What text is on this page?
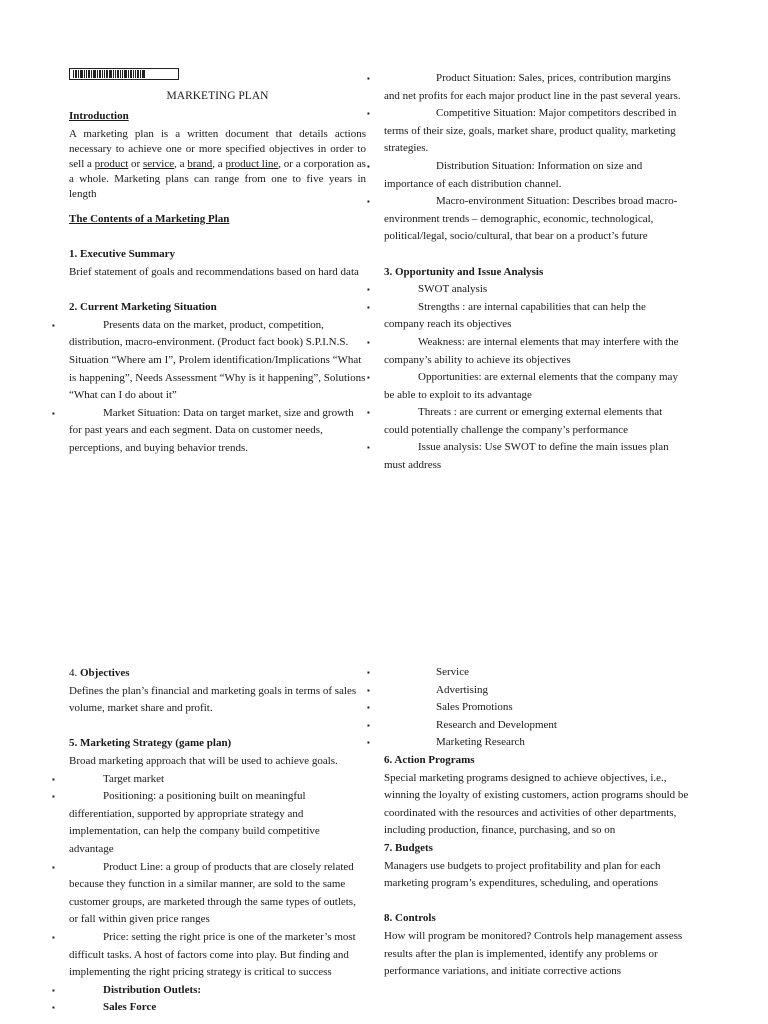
MARKETING PLAN
Introduction

A marketing plan is a written document that details actions necessary to achieve one or more specified objectives in order to sell a product or service, a brand, a product line, or a corporation as a whole. Marketing plans can range from one to five years in length

The Contents of a Marketing Plan
1. Executive Summary

Brief statement of goals and recommendations based on hard data

2. Current Marketing Situation
▪	Presents data on the market, product, competition, distribution, macro-environment. (Product fact book) S.P.I.N.S. Situation “Where am I”, Prolem identification/Implications “What is happening”, Needs Assessment “Why is it happening”, Solutions “What can I do about it”
▪	Market Situation: Data on target market, size and growth for past years and each segment. Data on customer needs, perceptions, and buying behavior trends.
▪	Product Situation: Sales, prices, contribution margins and net profits for each major product line in the past several years.
▪	Competitive Situation: Major competitors described in terms of their size, goals, market share, product quality, marketing strategies.
▪	Distribution Situation: Information on size and importance of each distribution channel.
▪	Macro-environment Situation: Describes broad macro-environment trends – demographic, economic, technological, political/legal, socio/cultural, that bear on a product’s future
3. Opportunity and Issue Analysis
▪	SWOT analysis
▪	Strengths : are internal capabilities that can help the company reach its objectives
▪	Weakness: are internal elements that may interfere with the company’s ability to achieve its objectives
▪	Opportunities: are external elements that the company may be able to exploit to its advantage
▪	Threats : are current or emerging external elements that could potentially challenge the company’s performance
▪	Issue analysis: Use SWOT to define the main issues plan must address
4. Objectives

Defines the plan’s financial and marketing goals in terms of sales volume, market share and profit.

5. Marketing Strategy (game plan)

Broad marketing approach that will be used to achieve goals.

▪	Target market
▪	Positioning: a positioning built on meaningful differentiation, supported by appropriate strategy and implementation, can help the company build competitive advantage
▪	Product Line: a group of products that are closely related because they function in a similar manner, are sold to the same customer groups, are marketed through the same types of outlets, or fall within given price ranges
▪	Price: setting the right price is one of the marketer’s most difficult tasks. A host of factors come into play. But finding and implementing the right pricing strategy is critical to success
▪	Distribution Outlets:
▪	Sales Force
▪	Service
▪	Advertising
▪	Sales Promotions
▪	Research and Development
▪	Marketing Research
6. Action Programs

Special marketing programs designed to achieve objectives, i.e., winning the loyalty of existing customers, action programs should be coordinated with the resources and activities of other departments, including production, finance, purchasing, and so on

7. Budgets

Managers use budgets to project profitability and plan for each marketing program’s expenditures, scheduling, and operations

8. Controls

How will program be monitored? Controls help management assess results after the plan is implemented, identify any problems or performance variations, and initiate corrective actions
